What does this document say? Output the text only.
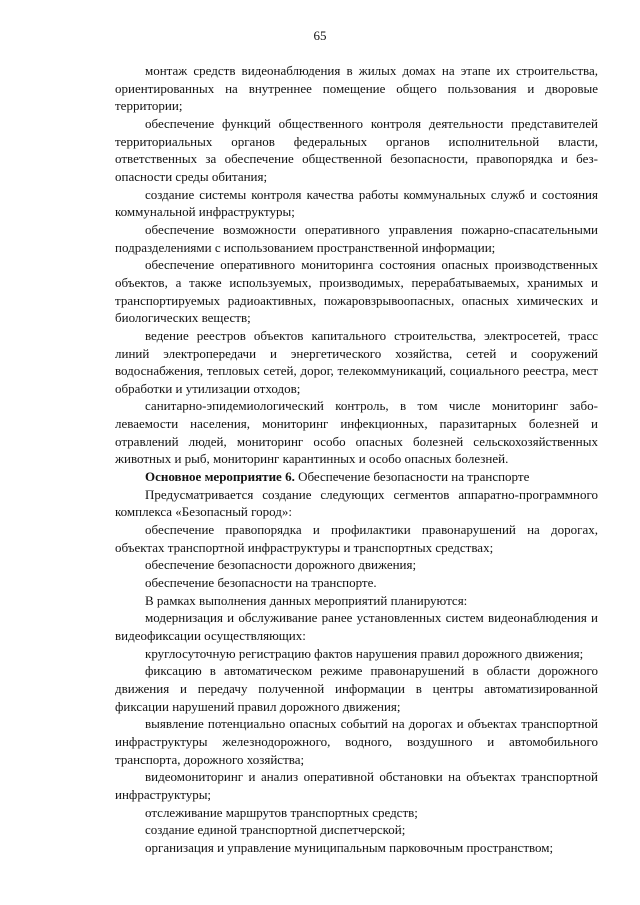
65

монтаж средств видеонаблюдения в жилых домах на этапе их строительства, ориентированных на внутреннее помещение общего пользования и дворовые территории;

обеспечение функций общественного контроля деятельности представителей территориальных органов федеральных органов исполнительной власти, ответственных за обеспечение общественной безопасности, правопорядка и безопасности среды обитания;

создание системы контроля качества работы коммунальных служб и состояния коммунальной инфраструктуры;

обеспечение возможности оперативного управления пожарно-спасательными подразделениями с использованием пространственной информации;

обеспечение оперативного мониторинга состояния опасных производственных объектов, а также используемых, производимых, перерабатываемых, хранимых и транспортируемых радиоактивных, пожаровзрывоопасных, опасных химических и биологических веществ;

ведение реестров объектов капитального строительства, электросетей, трасс линий электропередачи и энергетического хозяйства, сетей и сооружений водоснабжения, тепловых сетей, дорог, телекоммуникаций, социального реестра, мест обработки и утилизации отходов;

санитарно-эпидемиологический контроль, в том числе мониторинг заболеваемости населения, мониторинг инфекционных, паразитарных болезней и отравлений людей, мониторинг особо опасных болезней сельскохозяйственных животных и рыб, мониторинг карантинных и особо опасных болезней.

Основное мероприятие 6. Обеспечение безопасности на транспорте

Предусматривается создание следующих сегментов аппаратно-программного комплекса «Безопасный город»:

обеспечение правопорядка и профилактики правонарушений на дорогах, объектах транспортной инфраструктуры и транспортных средствах;

обеспечение безопасности дорожного движения;

обеспечение безопасности на транспорте.

В рамках выполнения данных мероприятий планируются:

модернизация и обслуживание ранее установленных систем видеонаблюдения и видеофиксации осуществляющих:

круглосуточную регистрацию фактов нарушения правил дорожного движения;

фиксацию в автоматическом режиме правонарушений в области дорожного движения и передачу полученной информации в центры автоматизированной фиксации нарушений правил дорожного движения;

выявление потенциально опасных событий на дорогах и объектах транспортной инфраструктуры железнодорожного, водного, воздушного и автомобильного транспорта, дорожного хозяйства;

видеомониторинг и анализ оперативной обстановки на объектах транспортной инфраструктуры;

отслеживание маршрутов транспортных средств;

создание единой транспортной диспетчерской;

организация и управление муниципальным парковочным пространством;
